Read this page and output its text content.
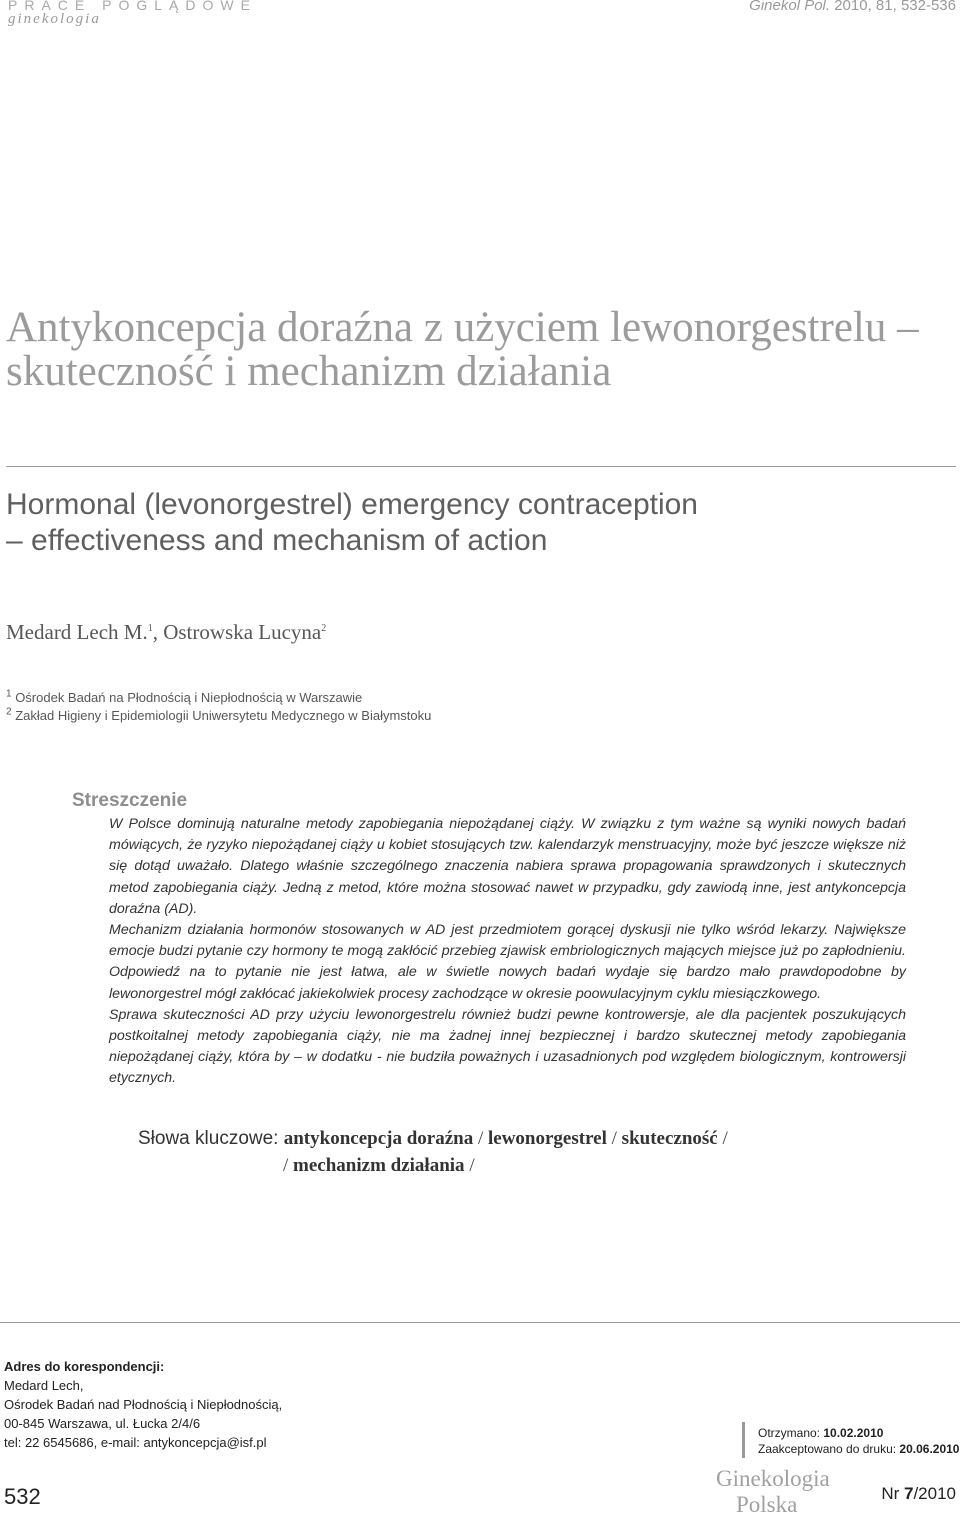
PRACE POGLĄDOWE
ginekologia
Ginekol Pol. 2010, 81, 532-536
Antykoncepcja doraźna z użyciem lewonorgestrelu – skuteczność i mechanizm działania
Hormonal (levonorgestrel) emergency contraception
– effectiveness and mechanism of action
Medard Lech M.$^1$, Ostrowska Lucyna$^2$
$^1$ Ośrodek Badań na Płodnością i Niepłodnością w Warszawie
$^2$ Zakład Higieny i Epidemiologii Uniwersytetu Medycznego w Białymstoku
Streszczenie

W Polsce dominują naturalne metody zapobiegania niepożądanej ciąży. W związku z tym ważne są wyniki nowych badań mówiących, że ryzyko niepożądanej ciąży u kobiet stosujących tzw. kalendarzyk menstruacyjny, może być jeszcze większe niż się dotąd uważało. Dlatego właśnie szczególnego znaczenia nabiera sprawa propagowania sprawdzonych i skutecznych metod zapobiegania ciąży. Jedną z metod, które można stosować nawet w przypadku, gdy zawiodą inne, jest antykoncepcja doraźna (AD).

Mechanizm działania hormonów stosowanych w AD jest przedmiotem gorącej dyskusji nie tylko wśród lekarzy. Największe emocje budzi pytanie czy hormony te mogą zakłócić przebieg zjawisk embriologicznych mających miejsce już po zapłodnieniu. Odpowiedź na to pytanie nie jest łatwa, ale w świetle nowych badań wydaje się bardzo mało prawdopodobne by lewonorgestrel mógł zakłócać jakiekolwiek procesy zachodzące w okresie poowulacyjnym cyklu miesiączkowego.

Sprawa skuteczności AD przy użyciu lewonorgestrelu również budzi pewne kontrowersje, ale dla pacjentek poszukujących postkoitalnej metody zapobiegania ciąży, nie ma żadnej innej bezpiecznej i bardzo skutecznej metody zapobiegania niepożądanej ciąży, która by – w dodatku - nie budziła poważnych i uzasadnionych pod względem biologicznym, kontrowersji etycznych.

Słowa kluczowe: antykoncepcja doraźna / lewonorgestrel / skuteczność /
/ mechanizm działania /
Adres do korespondencji:
Medard Lech,
Ośrodek Badań nad Płodnością i Niepłodnością,
00-845 Warszawa, ul. Łucka 2/4/6
tel: 22 6545686, e-mail: antykoncepcja@isf.pl
Otrzymano: 10.02.2010
Zaakceptowano do druku: 20.06.2010
532
Ginekologia
Polska	Nr 7/2010
